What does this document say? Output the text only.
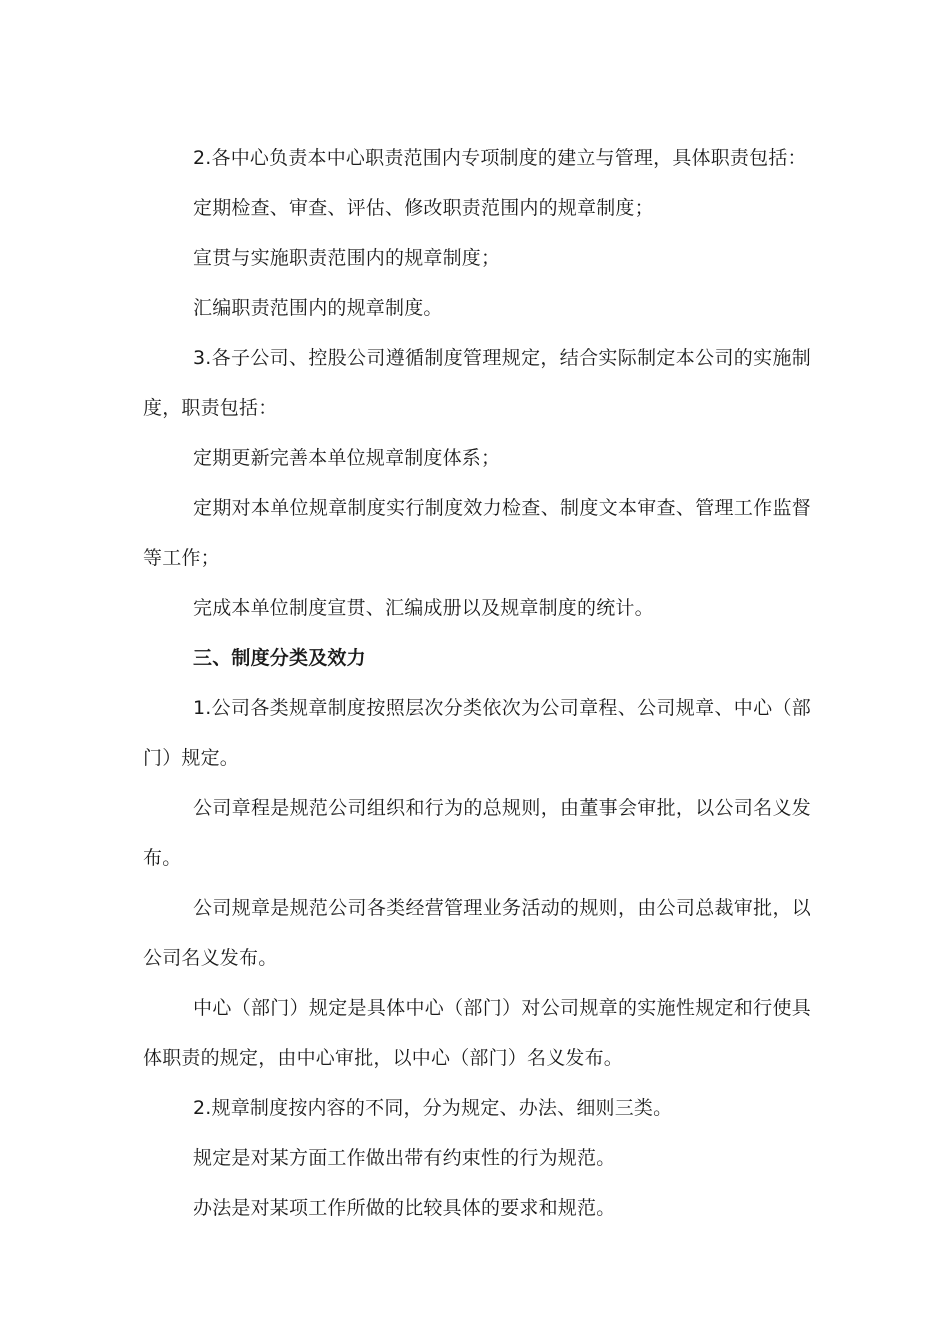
2.各中心负责本中心职责范围内专项制度的建立与管理，具体职责包括：

定期检查、审查、评估、修改职责范围内的规章制度；

宣贯与实施职责范围内的规章制度；

汇编职责范围内的规章制度。

3.各子公司、控股公司遵循制度管理规定，结合实际制定本公司的实施制度，职责包括：

定期更新完善本单位规章制度体系；

定期对本单位规章制度实行制度效力检查、制度文本审查、管理工作监督等工作；

完成本单位制度宣贯、汇编成册以及规章制度的统计。

三、制度分类及效力

1.公司各类规章制度按照层次分类依次为公司章程、公司规章、中心（部门）规定。

公司章程是规范公司组织和行为的总规则，由董事会审批，以公司名义发布。

公司规章是规范公司各类经营管理业务活动的规则，由公司总裁审批，以公司名义发布。

中心（部门）规定是具体中心（部门）对公司规章的实施性规定和行使具体职责的规定，由中心审批，以中心（部门）名义发布。

2.规章制度按内容的不同，分为规定、办法、细则三类。

规定是对某方面工作做出带有约束性的行为规范。

办法是对某项工作所做的比较具体的要求和规范。
